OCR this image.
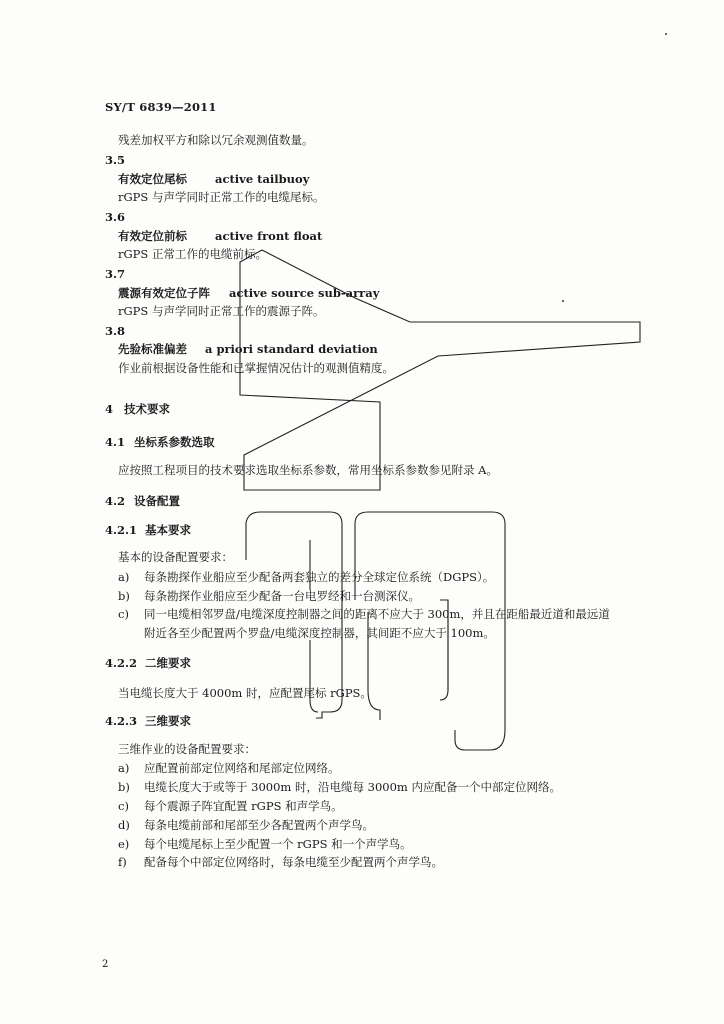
SY/T 6839—2011
残差加权平方和除以冗余观测值数量。
3.5
有效定位尾标 active tailbuoy
rGPS 与声学同时正常工作的电缆尾标。
3.6
有效定位前标 active front float
rGPS 正常工作的电缆前标。
3.7
震源有效定位子阵 active source sub-array
rGPS 与声学同时正常工作的震源子阵。
3.8
先验标准偏差 a priori standard deviation
作业前根据设备性能和已掌握情况估计的观测值精度。
4 技术要求
4.1 坐标系参数选取
应按照工程项目的技术要求选取坐标系参数，常用坐标系参数参见附录 A。
4.2 设备配置
4.2.1 基本要求
基本的设备配置要求：
a) 每条勘探作业船应至少配备两套独立的差分全球定位系统（DGPS）。
b) 每条勘探作业船应至少配备一台电罗经和一台测深仪。
c) 同一电缆相邻罗盘/电缆深度控制器之间的距离不应大于 300m，并且在距船最近道和最远道
附近各至少配置两个罗盘/电缆深度控制器，其间距不应大于 100m。
4.2.2 二维要求
当电缆长度大于 4000m 时，应配置尾标 rGPS。
4.2.3 三维要求
三维作业的设备配置要求：
a) 应配置前部定位网络和尾部定位网络。
b) 电缆长度大于或等于 3000m 时，沿电缆每 3000m 内应配备一个中部定位网络。
c) 每个震源子阵宜配置 rGPS 和声学鸟。
d) 每条电缆前部和尾部至少各配置两个声学鸟。
e) 每个电缆尾标上至少配置一个 rGPS 和一个声学鸟。
f) 配备每个中部定位网络时，每条电缆至少配置两个声学鸟。
2
